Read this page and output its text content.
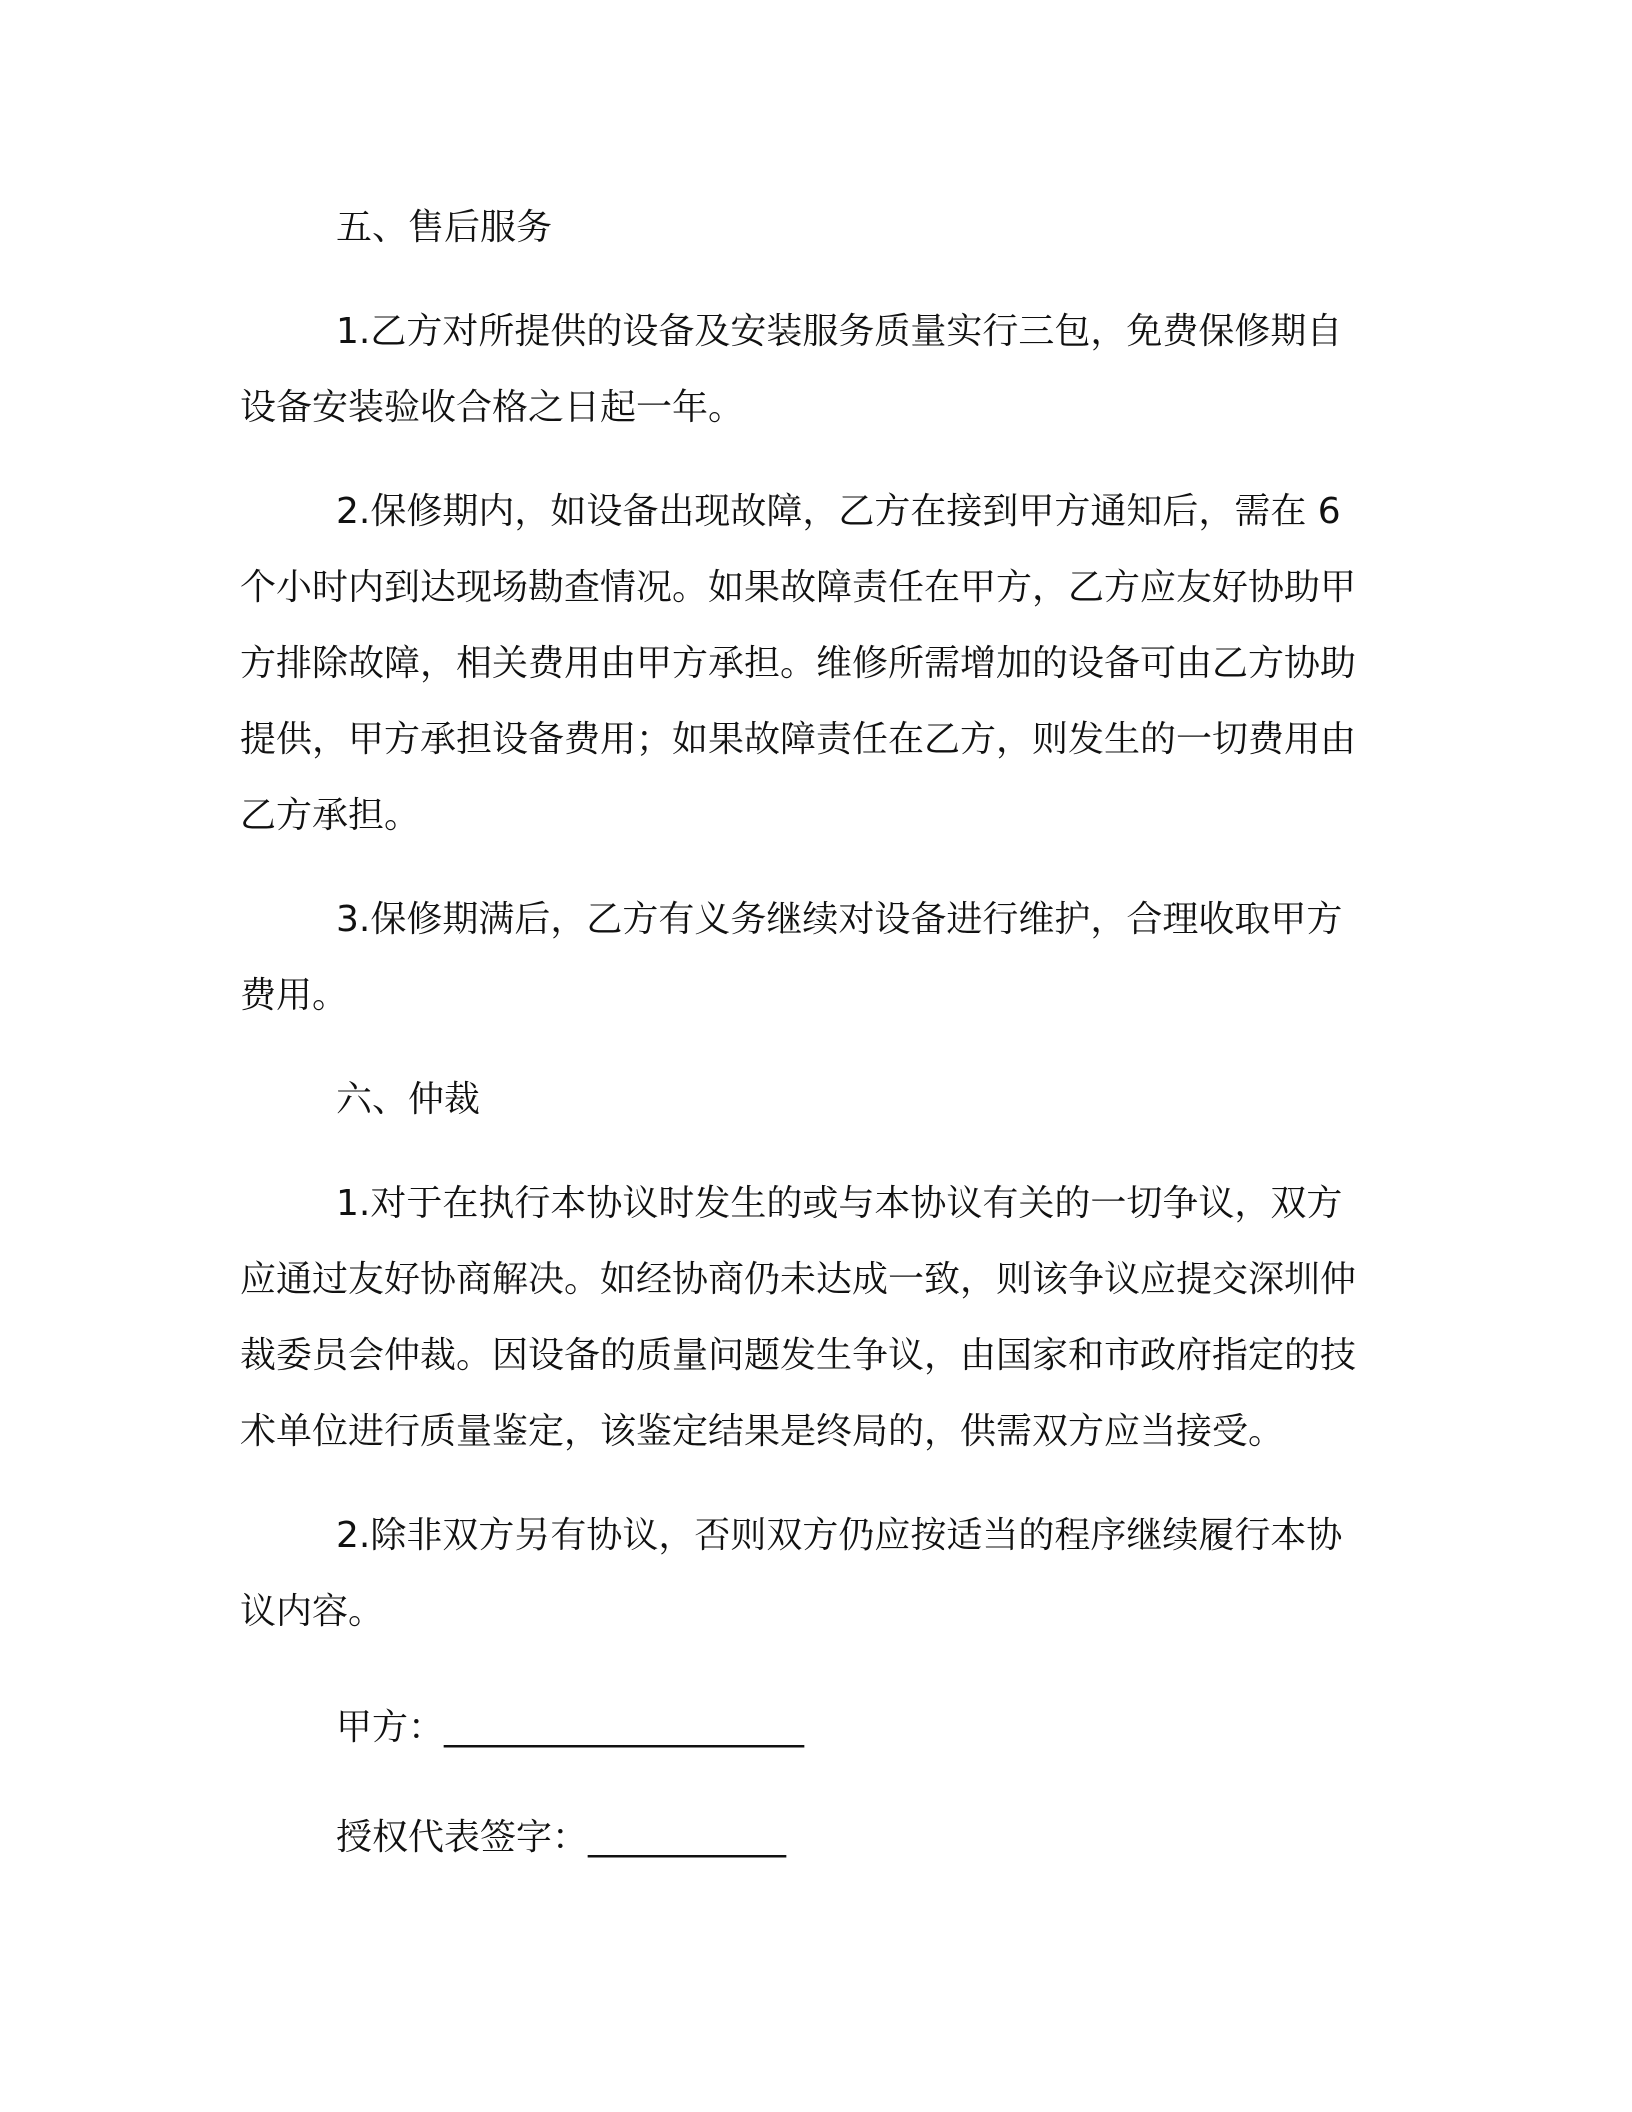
五、售后服务

1.乙方对所提供的设备及安装服务质量实行三包，免费保修期自设备安装验收合格之日起一年。

2.保修期内，如设备出现故障，乙方在接到甲方通知后，需在 6 个小时内到达现场勘查情况。如果故障责任在甲方，乙方应友好协助甲方排除故障，相关费用由甲方承担。维修所需增加的设备可由乙方协助提供，甲方承担设备费用；如果故障责任在乙方，则发生的一切费用由乙方承担。

3.保修期满后，乙方有义务继续对设备进行维护，合理收取甲方费用。

六、仲裁

1.对于在执行本协议时发生的或与本协议有关的一切争议，双方应通过友好协商解决。如经协商仍未达成一致，则该争议应提交深圳仲裁委员会仲裁。因设备的质量问题发生争议，由国家和市政府指定的技术单位进行质量鉴定，该鉴定结果是终局的，供需双方应当接受。

2.除非双方另有协议，否则双方仍应按适当的程序继续履行本协议内容。

甲方：____________________
授权代表签字：___________
